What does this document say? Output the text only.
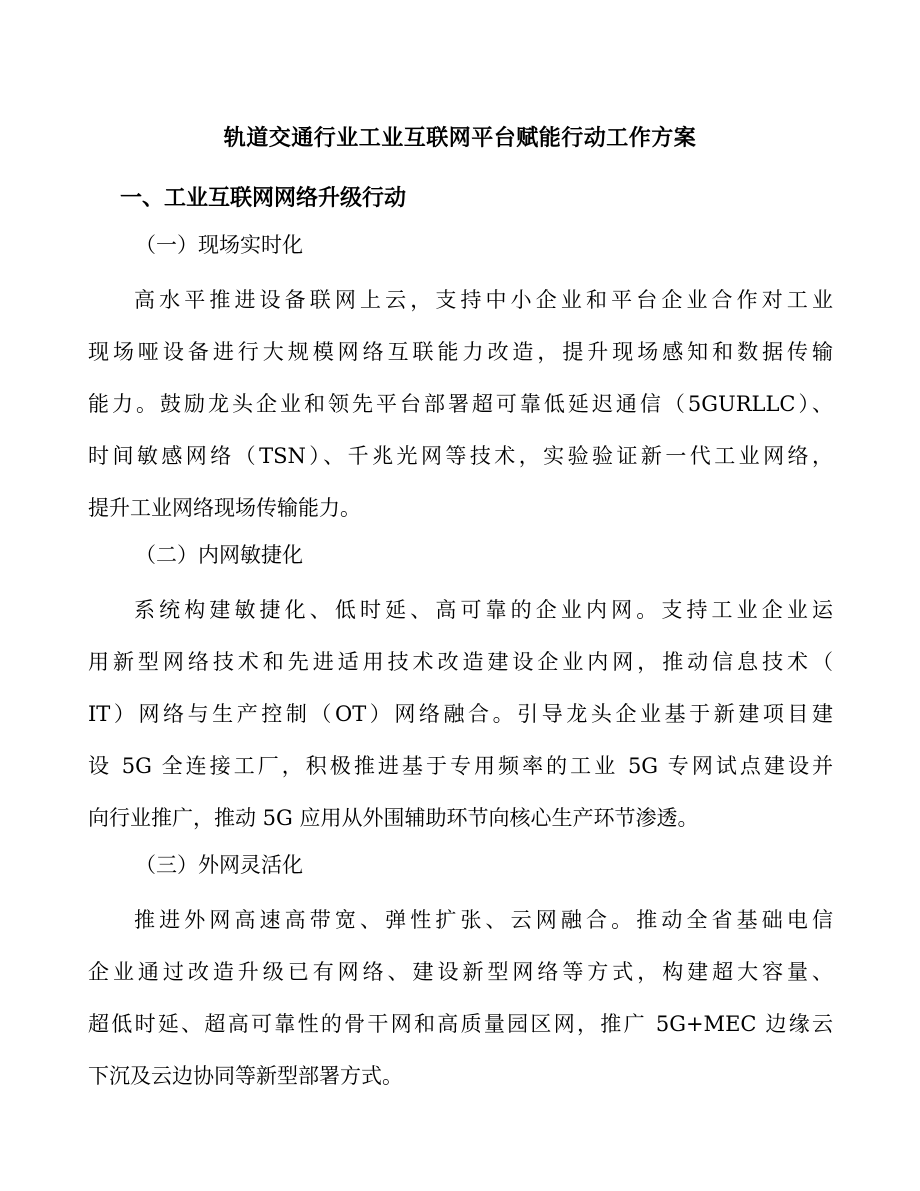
轨道交通行业工业互联网平台赋能行动工作方案
一、工业互联网网络升级行动
（一）现场实时化
高水平推进设备联网上云，支持中小企业和平台企业合作对工业
现场哑设备进行大规模网络互联能力改造，提升现场感知和数据传输
能力。鼓励龙头企业和领先平台部署超可靠低延迟通信（5GURLLC）、
时间敏感网络（TSN）、千兆光网等技术，实验验证新一代工业网络，
提升工业网络现场传输能力。
（二）内网敏捷化
系统构建敏捷化、低时延、高可靠的企业内网。支持工业企业运
用新型网络技术和先进适用技术改造建设企业内网，推动信息技术（
IT）网络与生产控制（OT）网络融合。引导龙头企业基于新建项目建
设 5G 全连接工厂，积极推进基于专用频率的工业 5G 专网试点建设并
向行业推广，推动 5G 应用从外围辅助环节向核心生产环节渗透。
（三）外网灵活化
推进外网高速高带宽、弹性扩张、云网融合。推动全省基础电信
企业通过改造升级已有网络、建设新型网络等方式，构建超大容量、
超低时延、超高可靠性的骨干网和高质量园区网，推广 5G+MEC 边缘云
下沉及云边协同等新型部署方式。
